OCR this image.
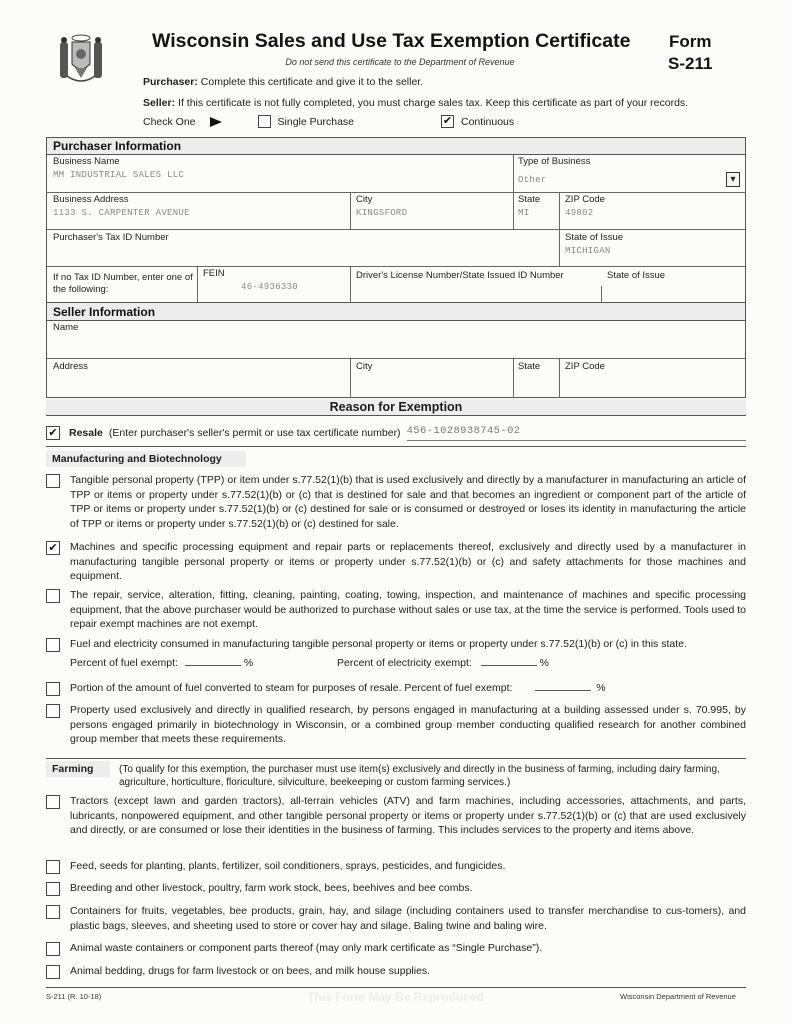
Wisconsin Sales and Use Tax Exemption Certificate
Do not send this certificate to the Department of Revenue
Form
S-211
Purchaser: Complete this certificate and give it to the seller.
Seller: If this certificate is not fully completed, you must charge sales tax. Keep this certificate as part of your records.
Check One	Single Purchase	✔ Continuous
Purchaser Information
Business Name
MM INDUSTRIAL SALES LLC
Type of Business
Other	▾
Business Address
1133 S. CARPENTER AVENUE
City
KINGSFORD
State
MI
ZIP Code
49802
Purchaser's Tax ID Number	State of Issue
MICHIGAN
If no Tax ID Number, enter one of the following:
FEIN
46-4936330
Driver's License Number/State Issued ID Number	State of Issue
Seller Information
Name
Address	City	State	ZIP Code
Reason for Exemption
✔ Resale (Enter purchaser's seller's permit or use tax certificate number) 456-1028938745-02
Manufacturing and Biotechnology
Tangible personal property (TPP) or item under s.77.52(1)(b) that is used exclusively and directly by a manufacturer in manufacturing an article of TPP or items or property under s.77.52(1)(b) or (c) that is destined for sale and that becomes an ingredient or component part of the article of TPP or items or property under s.77.52(1)(b) or (c) destined for sale or is consumed or destroyed or loses its identity in manufacturing the article of TPP or items or property under s.77.52(1)(b) or (c) destined for sale.
✔ Machines and specific processing equipment and repair parts or replacements thereof, exclusively and directly used by a manufacturer in manufacturing tangible personal property or items or property under s.77.52(1)(b) or (c) and safety attachments for those machines and equipment.
The repair, service, alteration, fitting, cleaning, painting, coating, towing, inspection, and maintenance of machines and specific processing equipment, that the above purchaser would be authorized to purchase without sales or use tax, at the time the service is performed. Tools used to repair exempt machines are not exempt.
Fuel and electricity consumed in manufacturing tangible personal property or items or property under s.77.52(1)(b) or (c) in this state.
Percent of fuel exempt:	%	Percent of electricity exempt:	%
Portion of the amount of fuel converted to steam for purposes of resale. Percent of fuel exempt:	%
Property used exclusively and directly in qualified research, by persons engaged in manufacturing at a building assessed under s. 70.995, by persons engaged primarily in biotechnology in Wisconsin, or a combined group member conducting qualified research for another combined group member that meets these requirements.
Farming	(To qualify for this exemption, the purchaser must use item(s) exclusively and directly in the business of farming, including dairy farming, agriculture, horticulture, floriculture, silviculture, beekeeping or custom farming services.)
Tractors (except lawn and garden tractors), all-terrain vehicles (ATV) and farm machines, including accessories, attachments, and parts, lubricants, nonpowered equipment, and other tangible personal property or items or property under s.77.52(1)(b) or (c) that are used exclusively and directly, or are consumed or lose their identities in the business of farming. This includes services to the property and items above.
Feed, seeds for planting, plants, fertilizer, soil conditioners, sprays, pesticides, and fungicides.
Breeding and other livestock, poultry, farm work stock, bees, beehives and bee combs.
Containers for fruits, vegetables, bee products, grain, hay, and silage (including containers used to transfer merchandise to cus-tomers), and plastic bags, sleeves, and sheeting used to store or cover hay and silage. Baling twine and baling wire.
Animal waste containers or component parts thereof (may only mark certificate as “Single Purchase”).
Animal bedding, drugs for farm livestock or on bees, and milk house supplies.
S-211 (R. 10-18)	This Form May Be Reproduced	Wisconsin Department of Revenue
